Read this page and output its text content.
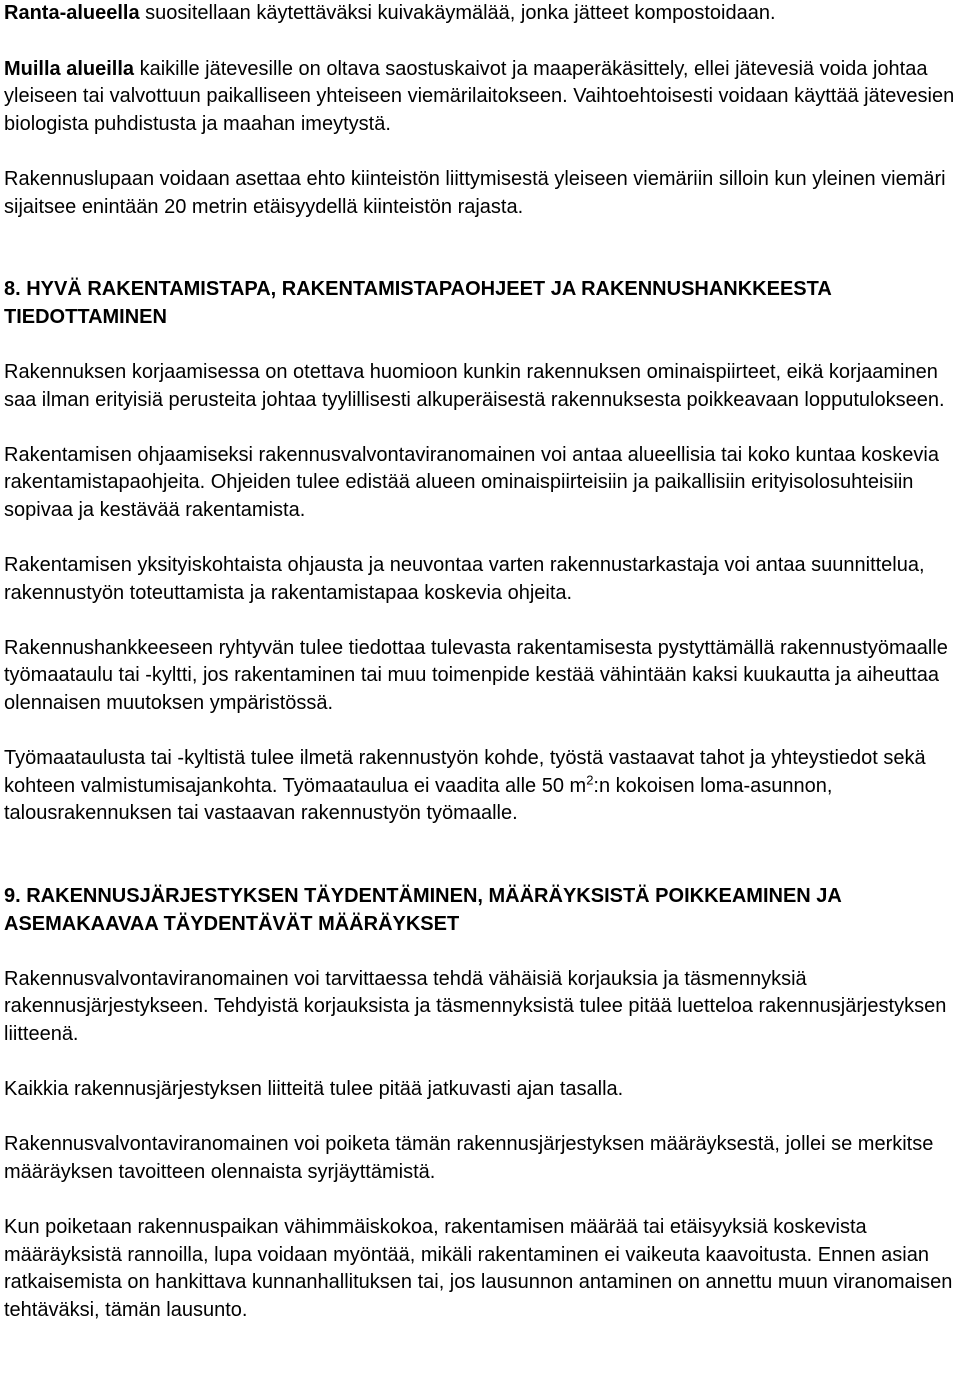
Ranta-alueella suositellaan käytettäväksi kuivakäymälää, jonka jätteet kompostoidaan.

Muilla alueilla kaikille jätevesille on oltava saostuskaivot ja maaperäkäsittely, ellei jätevesiä voida johtaa yleiseen tai valvottuun paikalliseen yhteiseen viemärilaitokseen. Vaihtoehtoisesti voidaan käyttää jätevesien biologista puhdistusta ja maahan imeytystä.

Rakennuslupaan voidaan asettaa ehto kiinteistön liittymisestä yleiseen viemäriin silloin kun yleinen viemäri sijaitsee enintään 20 metrin etäisyydellä kiinteistön rajasta.

8. HYVÄ RAKENTAMISTAPA, RAKENTAMISTAPAOHJEET JA RAKENNUSHANKKEESTA TIEDOTTAMINEN

Rakennuksen korjaamisessa on otettava huomioon kunkin rakennuksen ominaispiirteet, eikä korjaaminen saa ilman erityisiä perusteita johtaa tyylillisesti alkuperäisestä rakennuksesta poikkeavaan lopputulokseen.

Rakentamisen ohjaamiseksi rakennusvalvontaviranomainen voi antaa alueellisia tai koko kuntaa koskevia rakentamistapaohjeita. Ohjeiden tulee edistää alueen ominaispiirteisiin ja paikallisiin erityisolosuhteisiin sopivaa ja kestävää rakentamista.

Rakentamisen yksityiskohtaista ohjausta ja neuvontaa varten rakennustarkastaja voi antaa suunnittelua, rakennustyön toteuttamista ja rakentamistapaa koskevia ohjeita.

Rakennushankkeeseen ryhtyvän tulee tiedottaa tulevasta rakentamisesta pystyttämällä rakennustyömaalle työmaataulu tai -kyltti, jos rakentaminen tai muu toimenpide kestää vähintään kaksi kuukautta ja aiheuttaa olennaisen muutoksen ympäristössä.

Työmaataulusta tai -kyltistä tulee ilmetä rakennustyön kohde, työstä vastaavat tahot ja yhteystiedot sekä kohteen valmistumisajankohta. Työmaataulua ei vaadita alle 50 $m^2:n$ kokoisen loma-asunnon, talousrakennuksen tai vastaavan rakennustyön työmaalle.

9. RAKENNUSJÄRJESTYKSEN TÄYDENTÄMINEN, MÄÄRÄYKSISTÄ POIKKEAMINEN JA ASEMAKAAVAA TÄYDENTÄVÄT MÄÄRÄYKSET

Rakennusvalvontaviranomainen voi tarvittaessa tehdä vähäisiä korjauksia ja täsmennyksiä rakennusjärjestykseen. Tehdyistä korjauksista ja täsmennyksistä tulee pitää luetteloa rakennusjärjestyksen liitteenä.

Kaikkia rakennusjärjestyksen liitteitä tulee pitää jatkuvasti ajan tasalla.

Rakennusvalvontaviranomainen voi poiketa tämän rakennusjärjestyksen määräyksestä, jollei se merkitse määräyksen tavoitteen olennaista syrjäyttämistä.

Kun poiketaan rakennuspaikan vähimmäiskokoa, rakentamisen määrää tai etäisyyksiä koskevista määräyksistä rannoilla, lupa voidaan myöntää, mikäli rakentaminen ei vaikeuta kaavoitusta. Ennen asian ratkaisemista on hankittava kunnanhallituksen tai, jos lausunnon antaminen on annettu muun viranomaisen tehtäväksi, tämän lausunto.
